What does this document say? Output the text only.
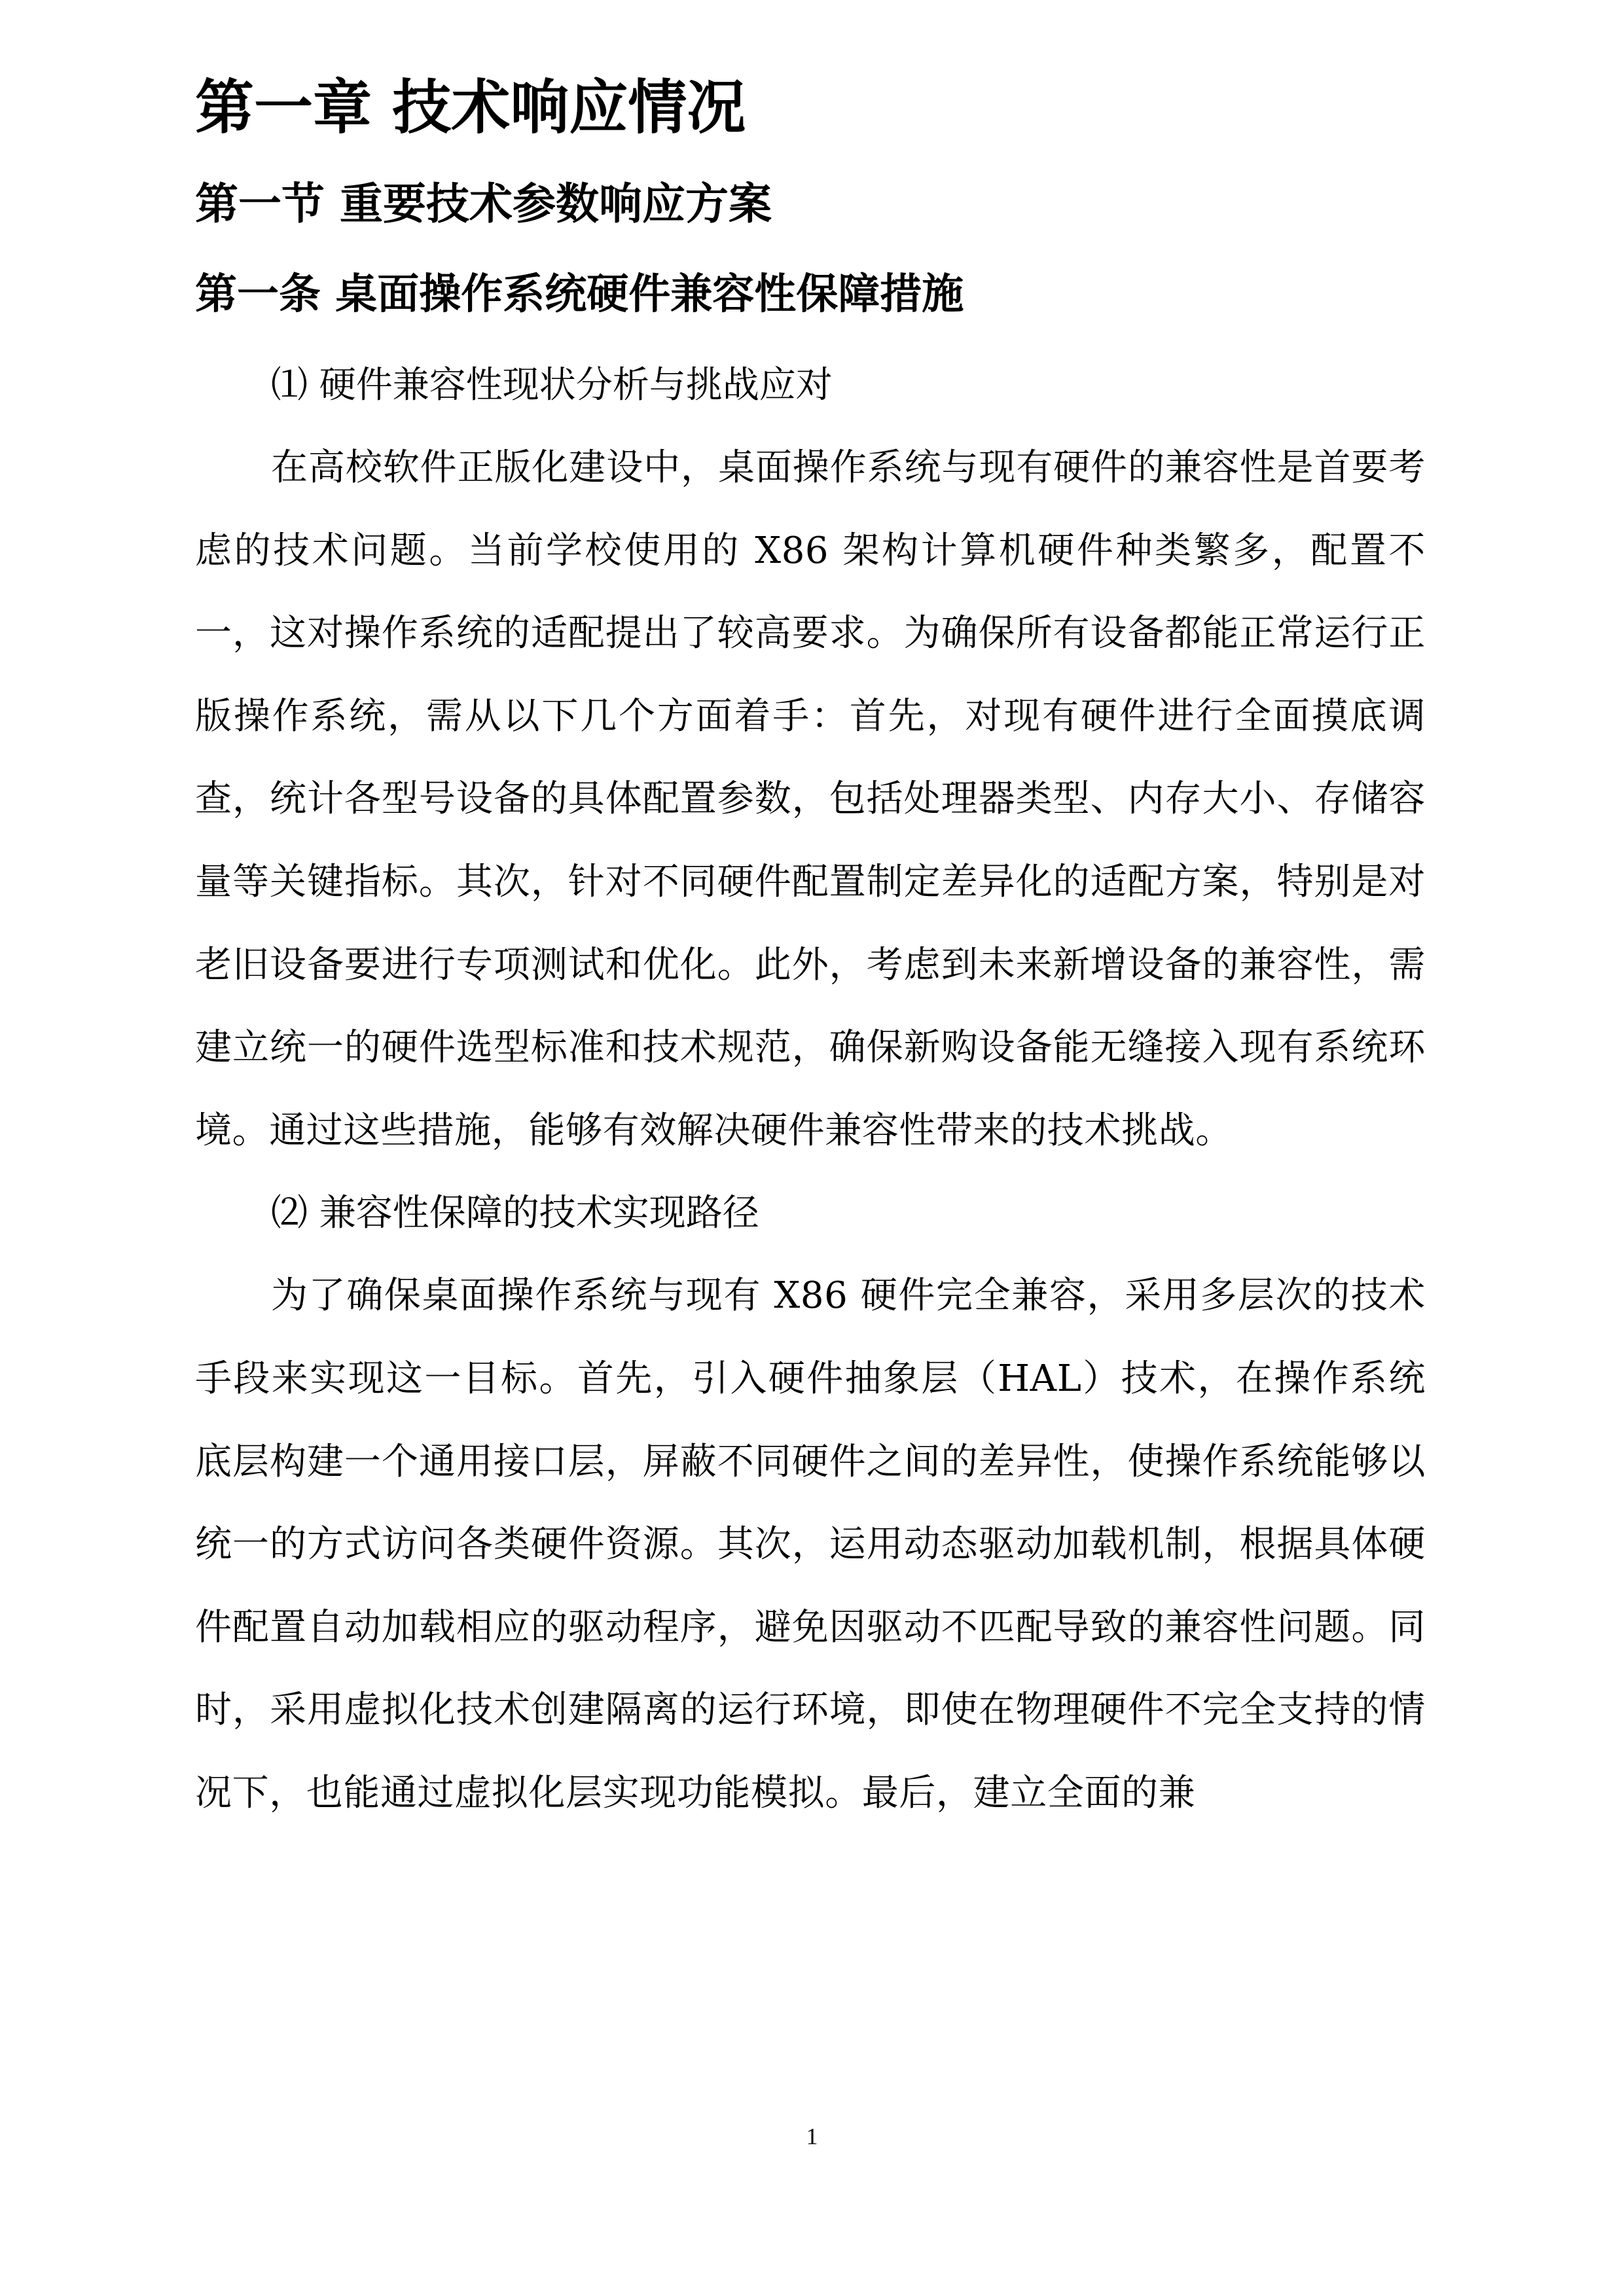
第一章 技术响应情况
第一节 重要技术参数响应方案
第一条 桌面操作系统硬件兼容性保障措施

⑴ 硬件兼容性现状分析与挑战应对

在高校软件正版化建设中，桌面操作系统与现有硬件的兼容性是首要考虑的技术问题。当前学校使用的 X86 架构计算机硬件种类繁多，配置不一，这对操作系统的适配提出了较高要求。为确保所有设备都能正常运行正版操作系统，需从以下几个方面着手：首先，对现有硬件进行全面摸底调查，统计各型号设备的具体配置参数，包括处理器类型、内存大小、存储容量等关键指标。其次，针对不同硬件配置制定差异化的适配方案，特别是对老旧设备要进行专项测试和优化。此外，考虑到未来新增设备的兼容性，需建立统一的硬件选型标准和技术规范，确保新购设备能无缝接入现有系统环境。通过这些措施，能够有效解决硬件兼容性带来的技术挑战。

⑵ 兼容性保障的技术实现路径

为了确保桌面操作系统与现有 X86 硬件完全兼容，采用多层次的技术手段来实现这一目标。首先，引入硬件抽象层（HAL）技术，在操作系统底层构建一个通用接口层，屏蔽不同硬件之间的差异性，使操作系统能够以统一的方式访问各类硬件资源。其次，运用动态驱动加载机制，根据具体硬件配置自动加载相应的驱动程序，避免因驱动不匹配导致的兼容性问题。同时，采用虚拟化技术创建隔离的运行环境，即使在物理硬件不完全支持的情况下，也能通过虚拟化层实现功能模拟。最后，建立全面的兼

1
